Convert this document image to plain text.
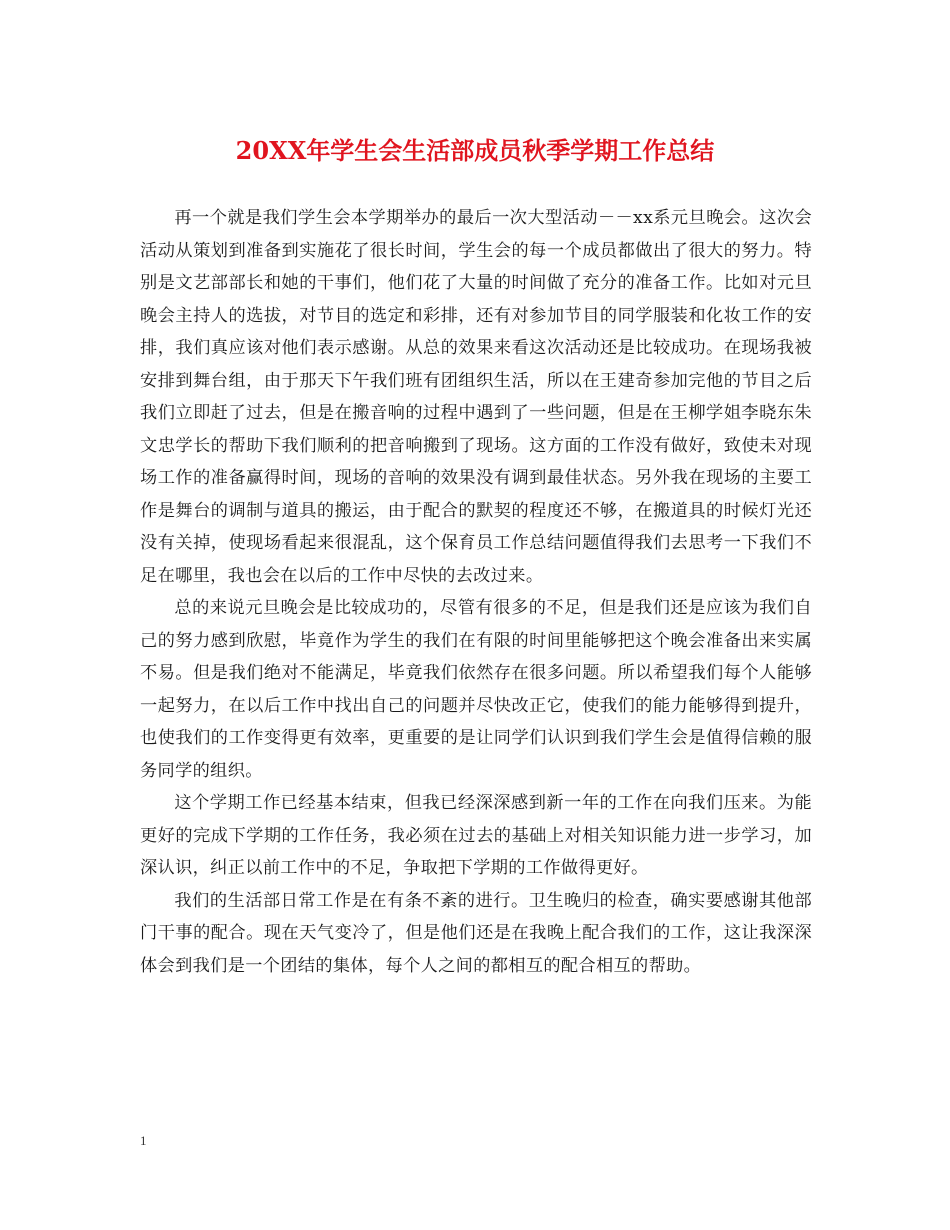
20XX年学生会生活部成员秋季学期工作总结

再一个就是我们学生会本学期举办的最后一次大型活动－－xx系元旦晚会。这次会活动从策划到准备到实施花了很长时间，学生会的每一个成员都做出了很大的努力。特别是文艺部部长和她的干事们，他们花了大量的时间做了充分的准备工作。比如对元旦晚会主持人的选拔，对节目的选定和彩排，还有对参加节目的同学服装和化妆工作的安排，我们真应该对他们表示感谢。从总的效果来看这次活动还是比较成功。在现场我被安排到舞台组，由于那天下午我们班有团组织生活，所以在王建奇参加完他的节目之后我们立即赶了过去，但是在搬音响的过程中遇到了一些问题，但是在王柳学姐李晓东朱文忠学长的帮助下我们顺利的把音响搬到了现场。这方面的工作没有做好，致使未对现场工作的准备赢得时间，现场的音响的效果没有调到最佳状态。另外我在现场的主要工作是舞台的调制与道具的搬运，由于配合的默契的程度还不够，在搬道具的时候灯光还没有关掉，使现场看起来很混乱，这个保育员工作总结问题值得我们去思考一下我们不足在哪里，我也会在以后的工作中尽快的去改过来。

总的来说元旦晚会是比较成功的，尽管有很多的不足，但是我们还是应该为我们自己的努力感到欣慰，毕竟作为学生的我们在有限的时间里能够把这个晚会准备出来实属不易。但是我们绝对不能满足，毕竟我们依然存在很多问题。所以希望我们每个人能够一起努力，在以后工作中找出自己的问题并尽快改正它，使我们的能力能够得到提升，也使我们的工作变得更有效率，更重要的是让同学们认识到我们学生会是值得信赖的服务同学的组织。

这个学期工作已经基本结束，但我已经深深感到新一年的工作在向我们压来。为能更好的完成下学期的工作任务，我必须在过去的基础上对相关知识能力进一步学习，加深认识，纠正以前工作中的不足，争取把下学期的工作做得更好。

我们的生活部日常工作是在有条不紊的进行。卫生晚归的检查，确实要感谢其他部门干事的配合。现在天气变冷了，但是他们还是在我晚上配合我们的工作，这让我深深体会到我们是一个团结的集体，每个人之间的都相互的配合相互的帮助。

1
